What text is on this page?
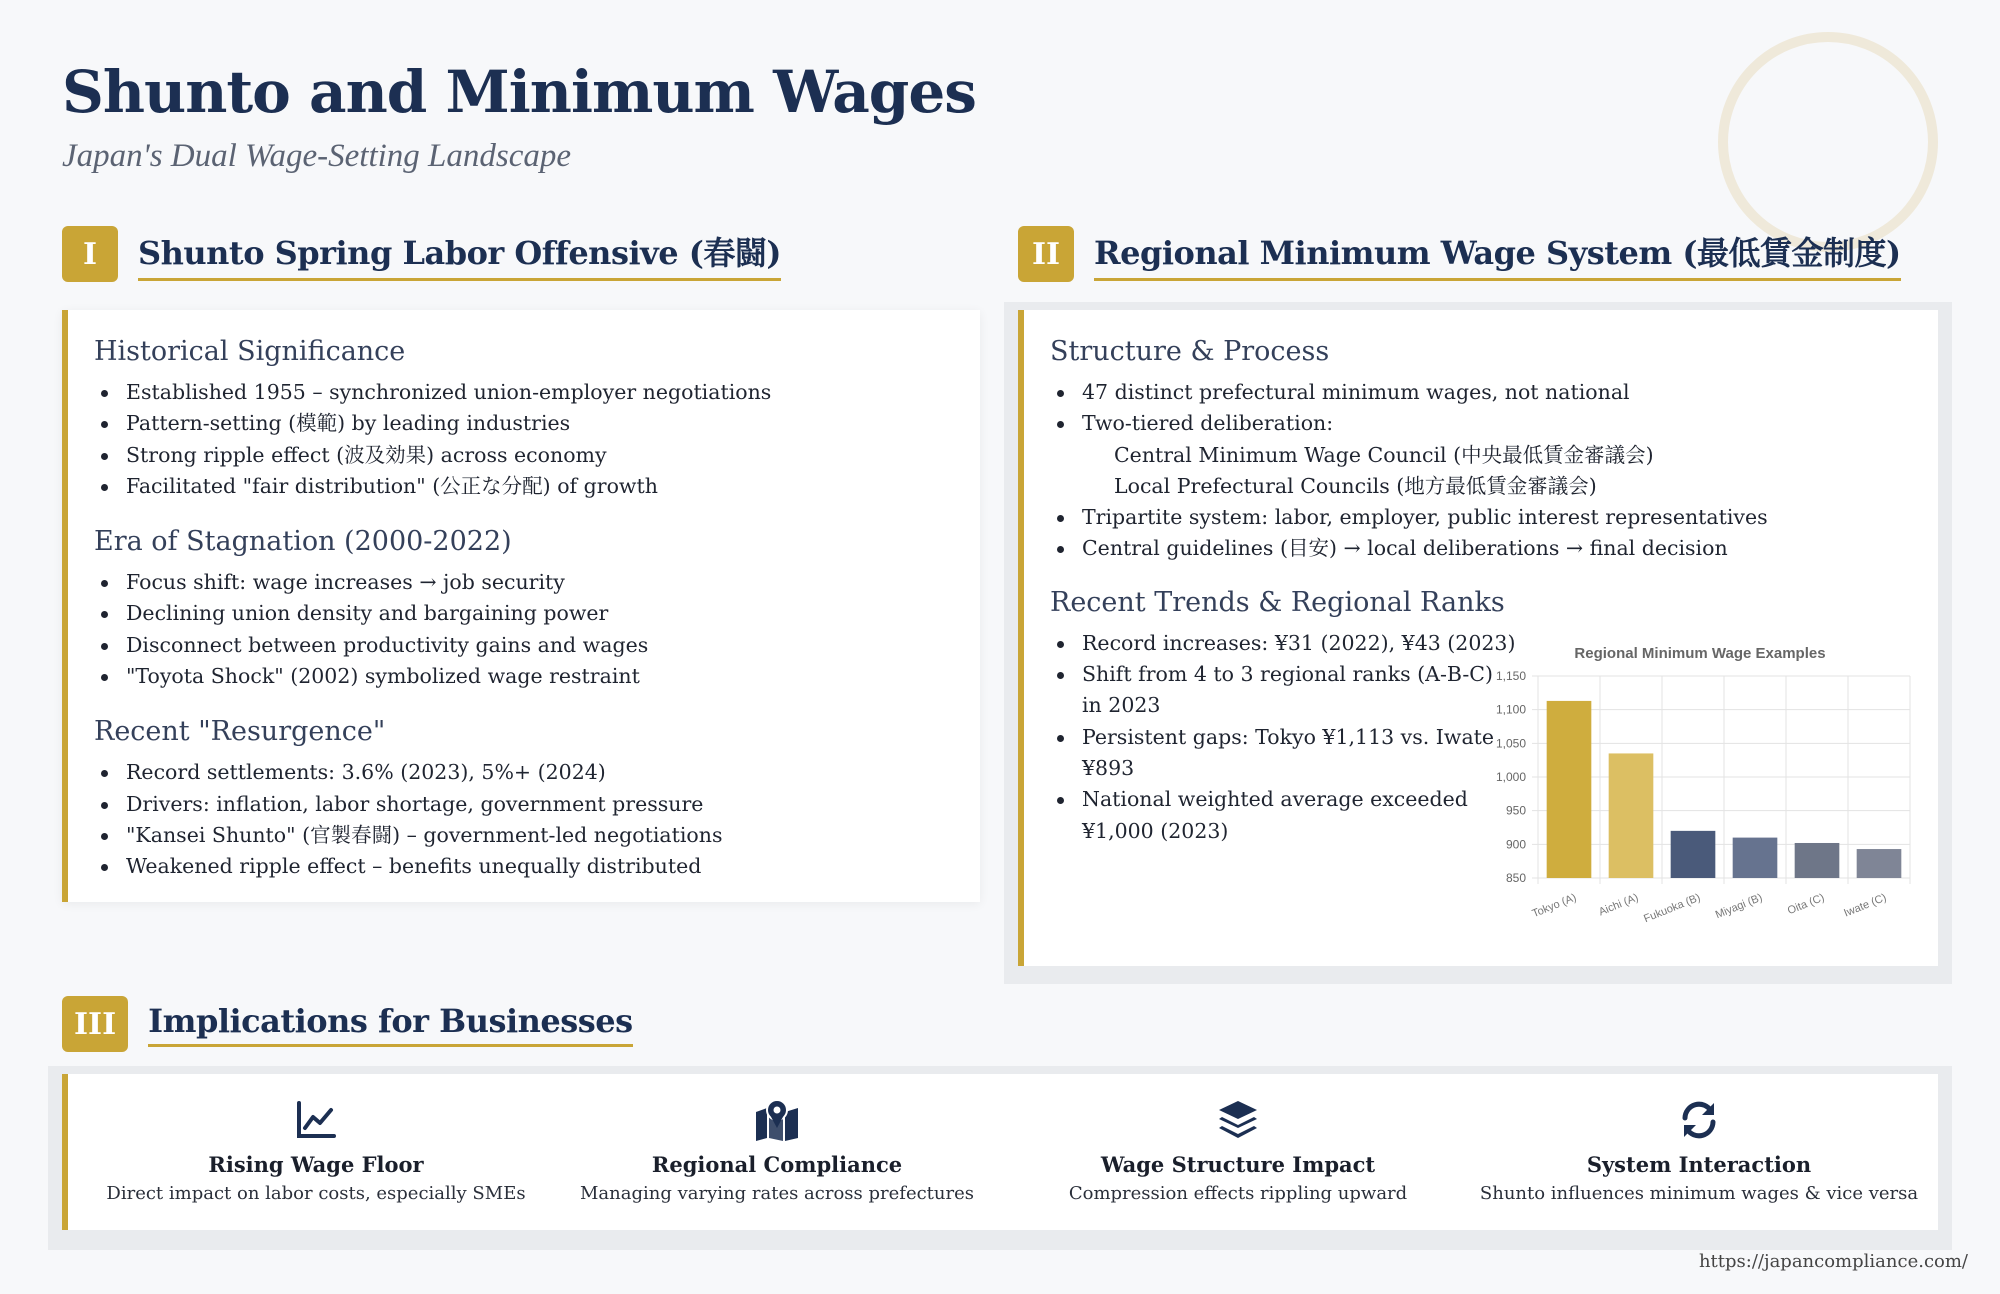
Shunto and Minimum Wages
Japan's Dual Wage-Setting Landscape
I	Shunto Spring Labor Offensive (春闘)
Historical Significance
Established 1955 – synchronized union-employer negotiations
Pattern-setting (模範) by leading industries
Strong ripple effect (波及効果) across economy
Facilitated "fair distribution" (公正な分配) of growth
Era of Stagnation (2000-2022)
Focus shift: wage increases → job security
Declining union density and bargaining power
Disconnect between productivity gains and wages
"Toyota Shock" (2002) symbolized wage restraint
Recent "Resurgence"
Record settlements: 3.6% (2023), 5%+ (2024)
Drivers: inflation, labor shortage, government pressure
"Kansei Shunto" (官製春闘) – government-led negotiations
Weakened ripple effect – benefits unequally distributed
II	Regional Minimum Wage System (最低賃金制度)
Structure & Process
47 distinct prefectural minimum wages, not national
Two-tiered deliberation:
Central Minimum Wage Council (中央最低賃金審議会)
Local Prefectural Councils (地方最低賃金審議会)
Tripartite system: labor, employer, public interest representatives
Central guidelines (目安) → local deliberations → final decision
Recent Trends & Regional Ranks
Record increases: ¥31 (2022), ¥43 (2023)
Shift from 4 to 3 regional ranks (A-B-C)
in 2023
Persistent gaps: Tokyo ¥1,113 vs. Iwate
¥893
National weighted average exceeded
¥1,000 (2023)
Regional Minimum Wage Examples
850
900
950
1,000
1,050
1,100
1,150
Tokyo (A) Aichi (A) Fukuoka (B) Miyagi (B) Oita (C) Iwate (C)
III	Implications for Businesses
Rising Wage Floor
Direct impact on labor costs, especially SMEs
Regional Compliance
Managing varying rates across prefectures
Wage Structure Impact
Compression effects rippling upward
System Interaction
Shunto influences minimum wages & vice versa
https://japancompliance.com/
